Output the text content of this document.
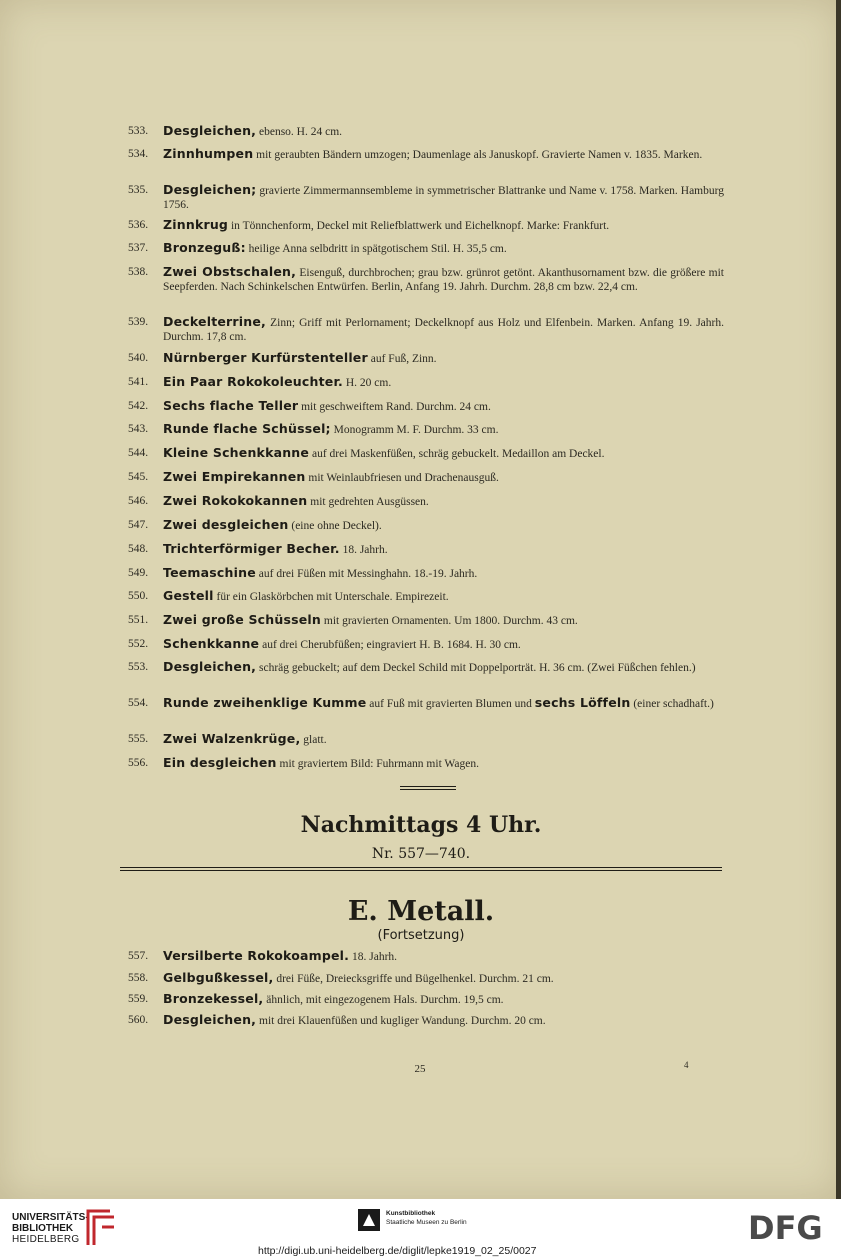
533.	Desgleichen, ebenso. H. 24 cm.
534.	Zinnhumpen mit geraubten Bändern umzogen; Daumenlage als Januskopf. Gravierte Namen v. 1835. Marken.
535.	Desgleichen; gravierte Zimmermannsembleme in symmetrischer Blattranke und Name v. 1758. Marken. Hamburg 1756.
536.	Zinnkrug in Tönnchenform, Deckel mit Reliefblattwerk und Eichelknopf. Marke: Frankfurt.
537.	Bronzeguß: heilige Anna selbdritt in spätgotischem Stil. H. 35,5 cm.
538.	Zwei Obstschalen, Eisenguß, durchbrochen; grau bzw. grünrot getönt. Akanthusornament bzw. die größere mit Seepferden. Nach Schinkelschen Entwürfen. Berlin, Anfang 19. Jahrh. Durchm. 28,8 cm bzw. 22,4 cm.
539.	Deckelterrine, Zinn; Griff mit Perlornament; Deckelknopf aus Holz und Elfenbein. Marken. Anfang 19. Jahrh. Durchm. 17,8 cm.
540.	Nürnberger Kurfürstenteller auf Fuß, Zinn.
541.	Ein Paar Rokokoleuchter. H. 20 cm.
542.	Sechs flache Teller mit geschweiftem Rand. Durchm. 24 cm.
543.	Runde flache Schüssel; Monogramm M. F. Durchm. 33 cm.
544.	Kleine Schenkkanne auf drei Maskenfüßen, schräg gebuckelt. Medaillon am Deckel.
545.	Zwei Empirekannen mit Weinlaubfriesen und Drachenausguß.
546.	Zwei Rokokokannen mit gedrehten Ausgüssen.
547.	Zwei desgleichen (eine ohne Deckel).
548.	Trichterförmiger Becher. 18. Jahrh.
549.	Teemaschine auf drei Füßen mit Messinghahn. 18.-19. Jahrh.
550.	Gestell für ein Glaskörbchen mit Unterschale. Empirezeit.
551.	Zwei große Schüsseln mit gravierten Ornamenten. Um 1800. Durchm. 43 cm.
552.	Schenkkanne auf drei Cherubfüßen; eingraviert H. B. 1684. H. 30 cm.
553.	Desgleichen, schräg gebuckelt; auf dem Deckel Schild mit Doppelporträt. H. 36 cm. (Zwei Füßchen fehlen.)
554.	Runde zweihenklige Kumme auf Fuß mit gravierten Blumen und sechs Löffeln (einer schadhaft.)
555.	Zwei Walzenkrüge, glatt.
556.	Ein desgleichen mit graviertem Bild: Fuhrmann mit Wagen.
Nachmittags 4 Uhr.
Nr. 557—740.
E. Metall.
(Fortsetzung)
557.	Versilberte Rokokoampel. 18. Jahrh.
558.	Gelbgußkessel, drei Füße, Dreiecksgriffe und Bügelhenkel. Durchm. 21 cm.
559.	Bronzekessel, ähnlich, mit eingezogenem Hals. Durchm. 19,5 cm.
560.	Desgleichen, mit drei Klauenfüßen und kugliger Wandung. Durchm. 20 cm.
25	4
UNIVERSITÄTS-
BIBLIOTHEK
HEIDELBERG
Kunstbibliothek
Staatliche Museen zu Berlin	DFG
http://digi.ub.uni-heidelberg.de/diglit/lepke1919_02_25/0027
